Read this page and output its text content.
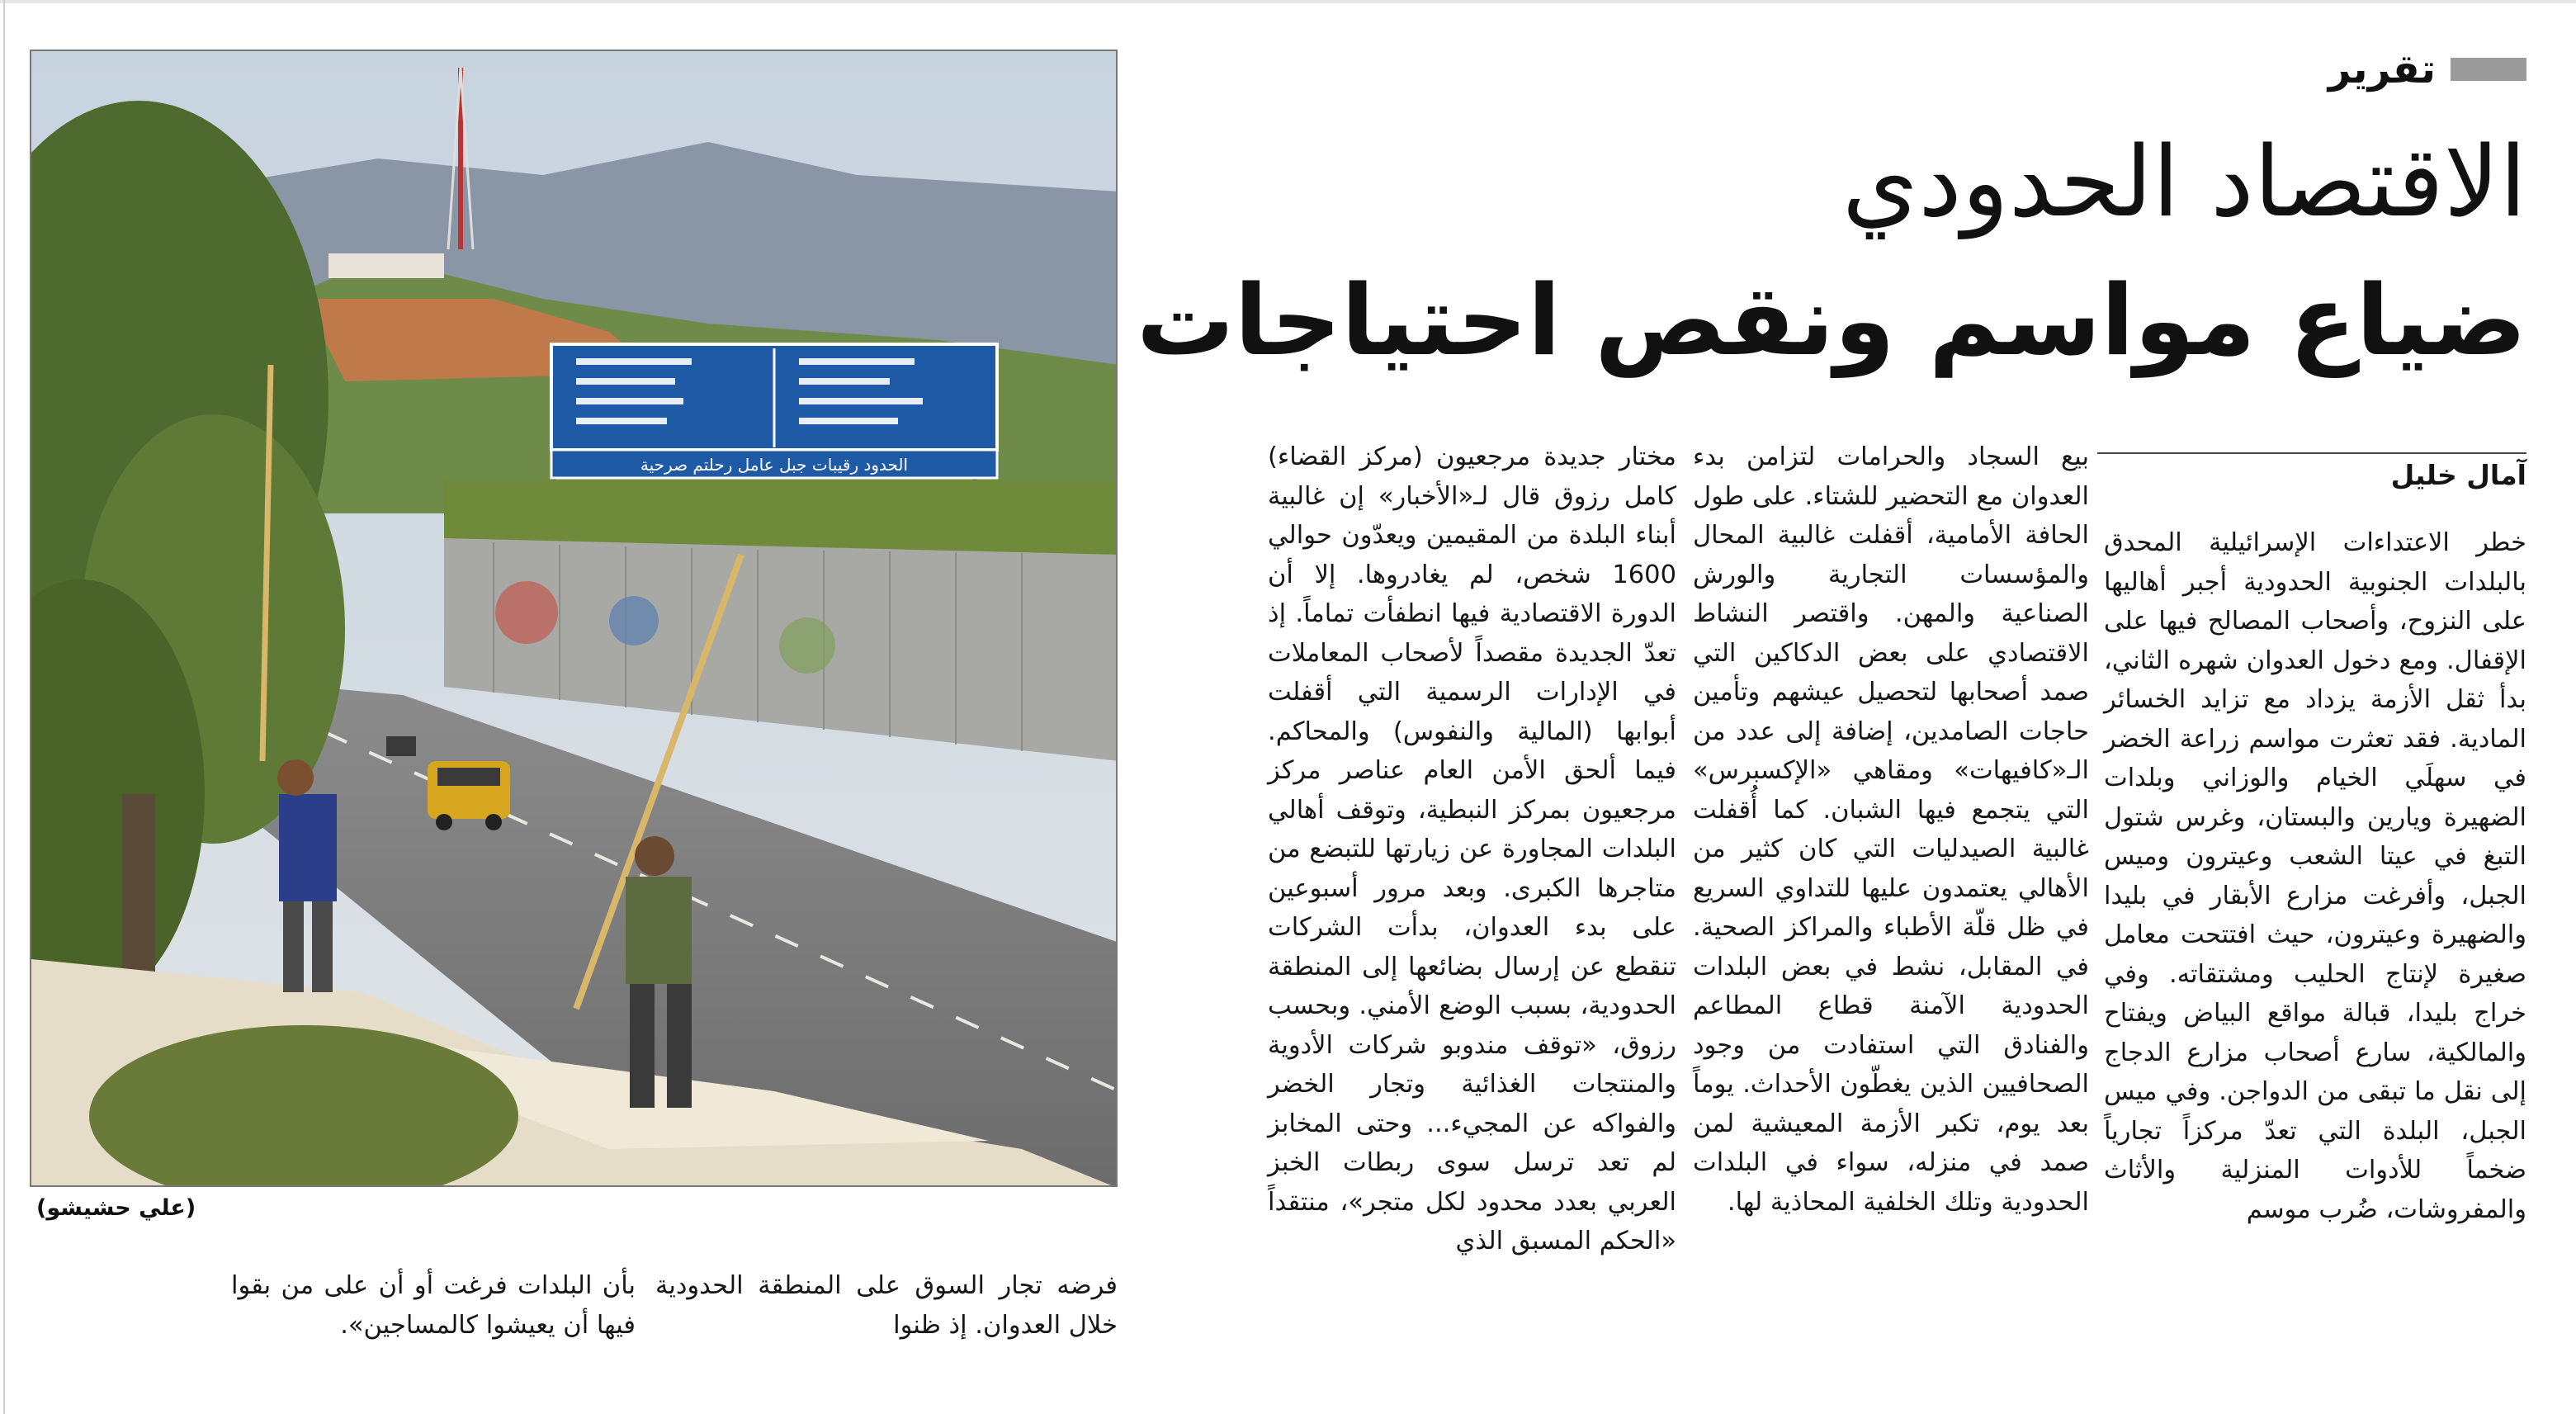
تقرير
الاقتصاد الحدودي
ضياع مواسم ونقص احتياجات
الحدود رقيبات جبل عامل رحلتم صرحية
(علي حشيشو)
آمال خليل
خطر الاعتداءات الإسرائيلية المحدق بالبلدات الجنوبية الحدودية أجبر أهاليها على النزوح، وأصحاب المصالح فيها على الإقفال. ومع دخول العدوان شهره الثاني، بدأ ثقل الأزمة يزداد مع تزايد الخسائر المادية. فقد تعثرت مواسم زراعة الخضر في سهلَي الخيام والوزاني وبلدات الضهيرة ويارين والبستان، وغرس شتول التبغ في عيتا الشعب وعيترون وميس الجبل، وأفرغت مزارع الأبقار في بليدا والضهيرة وعيترون، حيث افتتحت معامل صغيرة لإنتاج الحليب ومشتقاته. وفي خراج بليدا، قبالة مواقع البياض ويفتاح والمالكية، سارع أصحاب مزارع الدجاج إلى نقل ما تبقى من الدواجن. وفي ميس الجبل، البلدة التي تعدّ مركزاً تجارياً ضخماً للأدوات المنزلية والأثاث والمفروشات، ضُرب موسم
بيع السجاد والحرامات لتزامن بدء العدوان مع التحضير للشتاء. على طول الحافة الأمامية، أقفلت غالبية المحال والمؤسسات التجارية والورش الصناعية والمهن. واقتصر النشاط الاقتصادي على بعض الدكاكين التي صمد أصحابها لتحصيل عيشهم وتأمين حاجات الصامدين، إضافة إلى عدد من الـ«كافيهات» ومقاهي «الإكسبرس» التي يتجمع فيها الشبان. كما أُقفلت غالبية الصيدليات التي كان كثير من الأهالي يعتمدون عليها للتداوي السريع في ظل قلّة الأطباء والمراكز الصحية. في المقابل، نشط في بعض البلدات الحدودية الآمنة قطاع المطاعم والفنادق التي استفادت من وجود الصحافيين الذين يغطّون الأحداث. يوماً بعد يوم، تكبر الأزمة المعيشية لمن صمد في منزله، سواء في البلدات الحدودية وتلك الخلفية المحاذية لها.
مختار جديدة مرجعيون (مركز القضاء) كامل رزوق قال لـ«الأخبار» إن غالبية أبناء البلدة من المقيمين ويعدّون حوالي 1600 شخص، لم يغادروها. إلا أن الدورة الاقتصادية فيها انطفأت تماماً. إذ تعدّ الجديدة مقصداً لأصحاب المعاملات في الإدارات الرسمية التي أقفلت أبوابها (المالية والنفوس) والمحاكم. فيما ألحق الأمن العام عناصر مركز مرجعيون بمركز النبطية، وتوقف أهالي البلدات المجاورة عن زيارتها للتبضع من متاجرها الكبرى. وبعد مرور أسبوعين على بدء العدوان، بدأت الشركات تنقطع عن إرسال بضائعها إلى المنطقة الحدودية، بسبب الوضع الأمني. وبحسب رزوق، «توقف مندوبو شركات الأدوية والمنتجات الغذائية وتجار الخضر والفواكه عن المجيء... وحتى المخابز لم تعد ترسل سوى ربطات الخبز العربي بعدد محدود لكل متجر»، منتقداً «الحكم المسبق الذي
فرضه تجار السوق على المنطقة الحدودية خلال العدوان. إذ ظنوا
بأن البلدات فرغت أو أن على من بقوا فيها أن يعيشوا كالمساجين».
